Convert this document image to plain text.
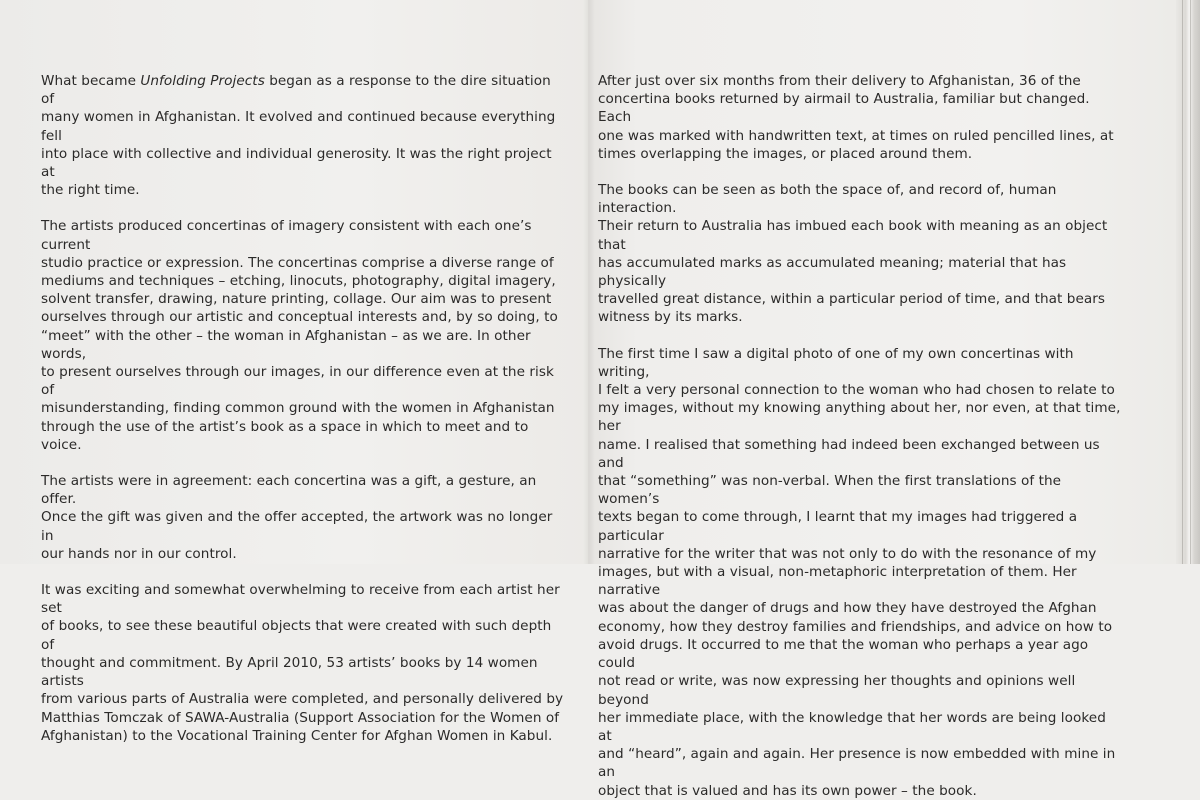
What became Unfolding Projects began as a response to the dire situation of
many women in Afghanistan. It evolved and continued because everything fell
into place with collective and individual generosity. It was the right project at
the right time.

The artists produced concertinas of imagery consistent with each one’s current
studio practice or expression. The concertinas comprise a diverse range of
mediums and techniques – etching, linocuts, photography, digital imagery,
solvent transfer, drawing, nature printing, collage. Our aim was to present
ourselves through our artistic and conceptual interests and, by so doing, to
“meet” with the other – the woman in Afghanistan – as we are. In other words,
to present ourselves through our images, in our difference even at the risk of
misunderstanding, finding common ground with the women in Afghanistan
through the use of the artist’s book as a space in which to meet and to voice.

The artists were in agreement: each concertina was a gift, a gesture, an offer.
Once the gift was given and the offer accepted, the artwork was no longer in
our hands nor in our control.

It was exciting and somewhat overwhelming to receive from each artist her set
of books, to see these beautiful objects that were created with such depth of
thought and commitment. By April 2010, 53 artists’ books by 14 women artists
from various parts of Australia were completed, and personally delivered by
Matthias Tomczak of SAWA-Australia (Support Association for the Women of
Afghanistan) to the Vocational Training Center for Afghan Women in Kabul.

After just over six months from their delivery to Afghanistan, 36 of the
concertina books returned by airmail to Australia, familiar but changed. Each
one was marked with handwritten text, at times on ruled pencilled lines, at
times overlapping the images, or placed around them.

The books can be seen as both the space of, and record of, human interaction.
Their return to Australia has imbued each book with meaning as an object that
has accumulated marks as accumulated meaning; material that has physically
travelled great distance, within a particular period of time, and that bears
witness by its marks.

The first time I saw a digital photo of one of my own concertinas with writing,
I felt a very personal connection to the woman who had chosen to relate to
my images, without my knowing anything about her, nor even, at that time, her
name. I realised that something had indeed been exchanged between us and
that “something” was non-verbal. When the first translations of the women’s
texts began to come through, I learnt that my images had triggered a particular
narrative for the writer that was not only to do with the resonance of my
images, but with a visual, non-metaphoric interpretation of them. Her narrative
was about the danger of drugs and how they have destroyed the Afghan
economy, how they destroy families and friendships, and advice on how to
avoid drugs. It occurred to me that the woman who perhaps a year ago could
not read or write, was now expressing her thoughts and opinions well beyond
her immediate place, with the knowledge that her words are being looked at
and “heard”, again and again. Her presence is now embedded with mine in an
object that is valued and has its own power – the book.
